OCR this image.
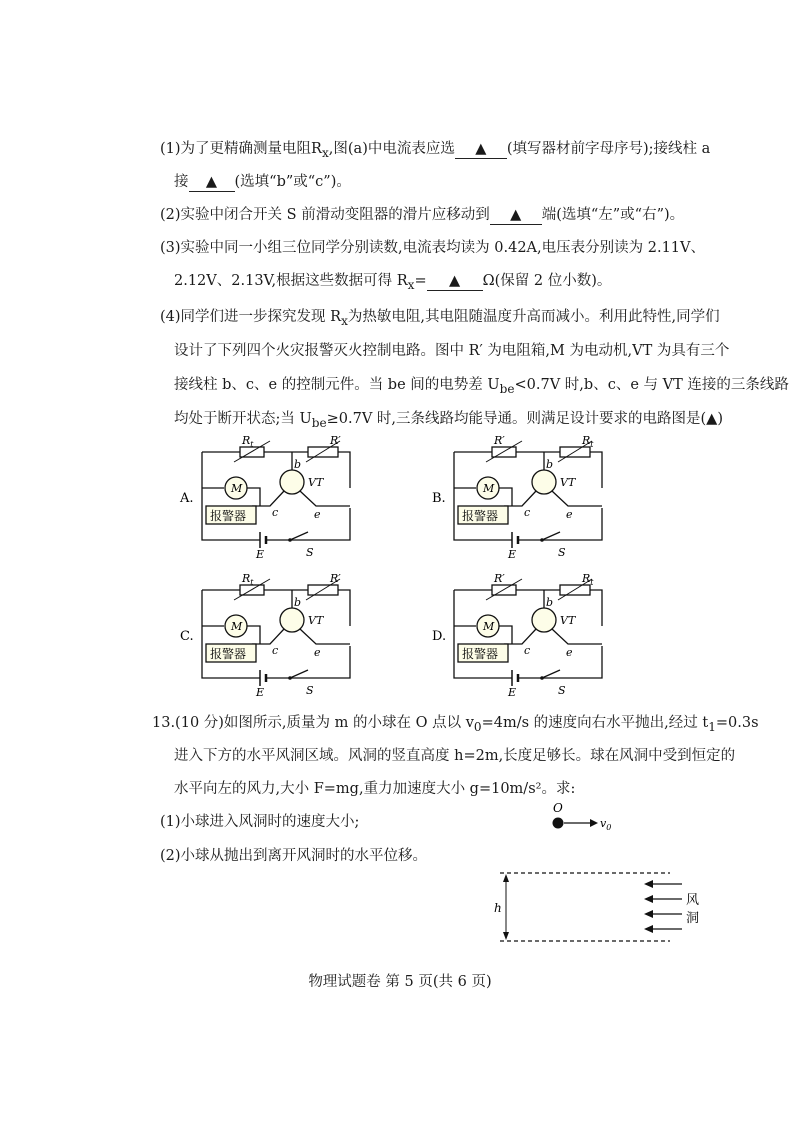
(1)为了更精确测量电阻$R_x$,图(a)中电流表应选 ▲ (填写器材前字母序号);接线柱 a
接 ▲ (选填“b”或“c”)。
(2)实验中闭合开关 S 前滑动变阻器的滑片应移动到 ▲ 端(选填“左”或“右”)。
(3)实验中同一小组三位同学分别读数,电流表均读为 0.42A,电压表分别读为 2.11V、
2.12V、2.13V,根据这些数据可得 $R_x=$ ▲ Ω(保留 2 位小数)。
(4)同学们进一步探究发现 $R_x$为热敏电阻,其电阻随温度升高而减小。利用此特性,同学们
设计了下列四个火灾报警灭火控制电路。图中 R′ 为电阻箱,M 为电动机,VT 为具有三个
接线柱 b、c、e 的控制元件。当 be 间的电势差 $U_{be}<0.7V$ 时,b、c、e 与 VT 连接的三条线路
均处于断开状态;当 $U_{be}\ge 0.7V$ 时,三条线路均能导通。则满足设计要求的电路图是(▲)
A.
$R_t$	R′
b
VT
c	e
M
报警器
E	S
B.
R′	$R_t$
b
VT
c	e
M
报警器
E	S
C.
$R_t$	R′
b
VT
c	e
M
报警器
E	S
D.
R′	$R_t$
b
VT
c	e
M
报警器
E	S
O
$v_0$
h	风
洞
13.(10 分)如图所示,质量为 m 的小球在 O 点以 $v_0=4m/s$ 的速度向右水平抛出,经过 $t_1=0.3s$
进入下方的水平风洞区域。风洞的竖直高度 h=2m,长度足够长。球在风洞中受到恒定的
水平向左的风力,大小 F=mg,重力加速度大小 g=10m/s²。求:
(1)小球进入风洞时的速度大小;
(2)小球从抛出到离开风洞时的水平位移。
物理试题卷 第 5 页(共 6 页)
